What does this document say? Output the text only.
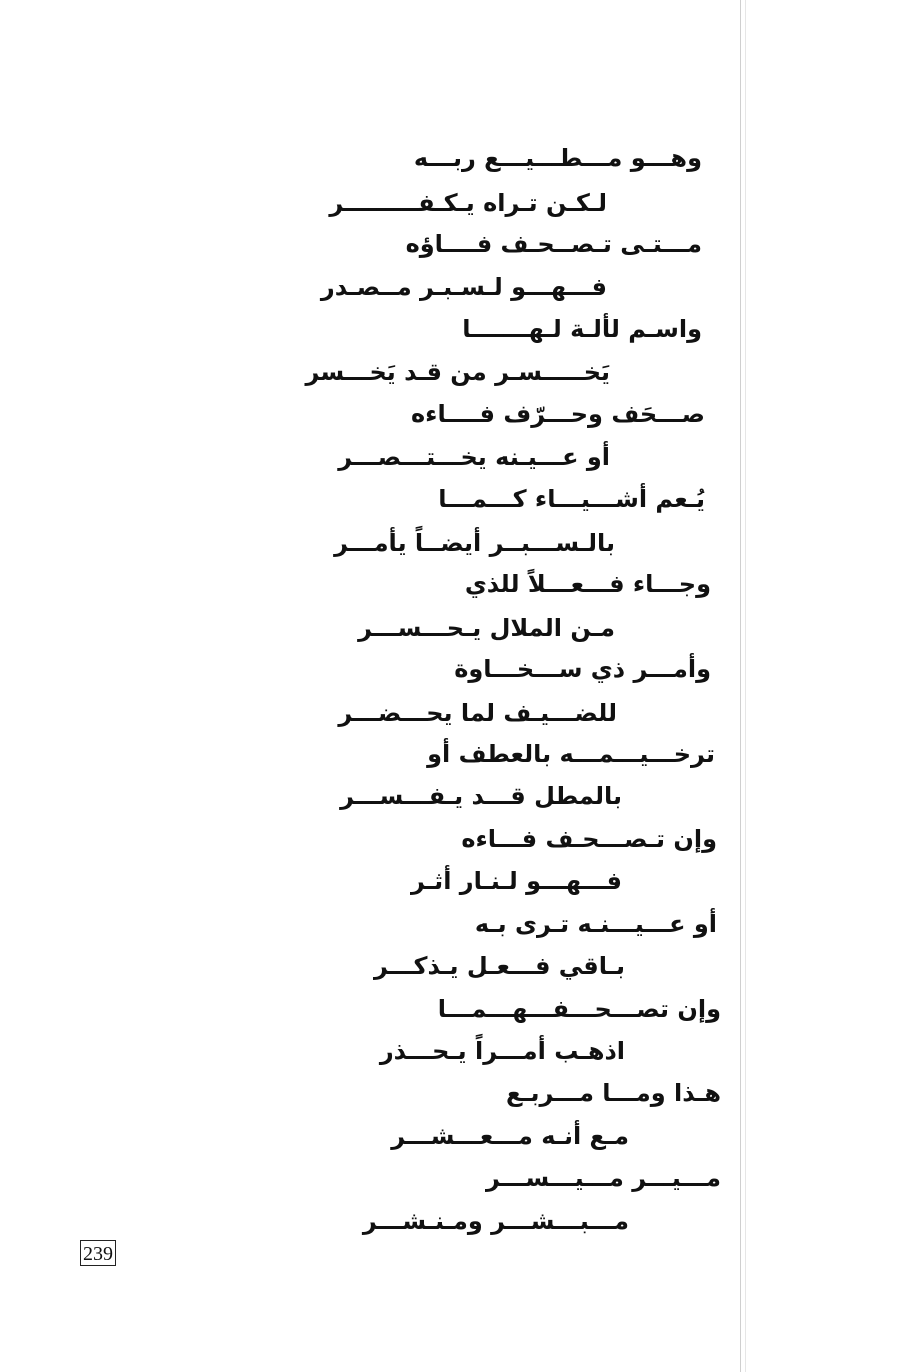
وهـــو مـــطـــيـــع ربـــه
لـكـن تـراه يـكـفـــــــــر
مـــتـى تـصــحـف فــــاؤه
فـــهـــو لـسـبـر مــصـدر
واسـم لألـة لـهـــــــا
يَخـــــسـر من قـد يَخـــسر
صـــحَف وحـــرّف فــــاءه
أو عـــيـنه يخـــتـــصـــر
يُـعم أشـــيـــاء كـــمـــا
بالـســـبــر أيضــاً يأمـــر
وجـــاء فـــعـــلاً للذي
مـن الملال يـحـــســـر
وأمـــر ذي ســـخـــاوة
للضـــيـف لما يحـــضـــر
ترخـــيـــمـــه بالعطف أو
بالمطل قـــد يـفـــســـر
وإن تـصـــحـف فـــاءه
فـــهـــو لـنـار أثـر
أو عـــيـــنـه تـرى بـه
بـاقي فـــعـل يـذكـــر
وإن تصـــحـــفـــهـــمـــا
اذهـب أمـــراً يـحـــذر
هـذا ومـــا مـــربـع
مـع أنـه مـــعـــشـــر
مـــيـــر مـــيـــســـر
مـــبـــشـــر ومـنـشـــر
239
